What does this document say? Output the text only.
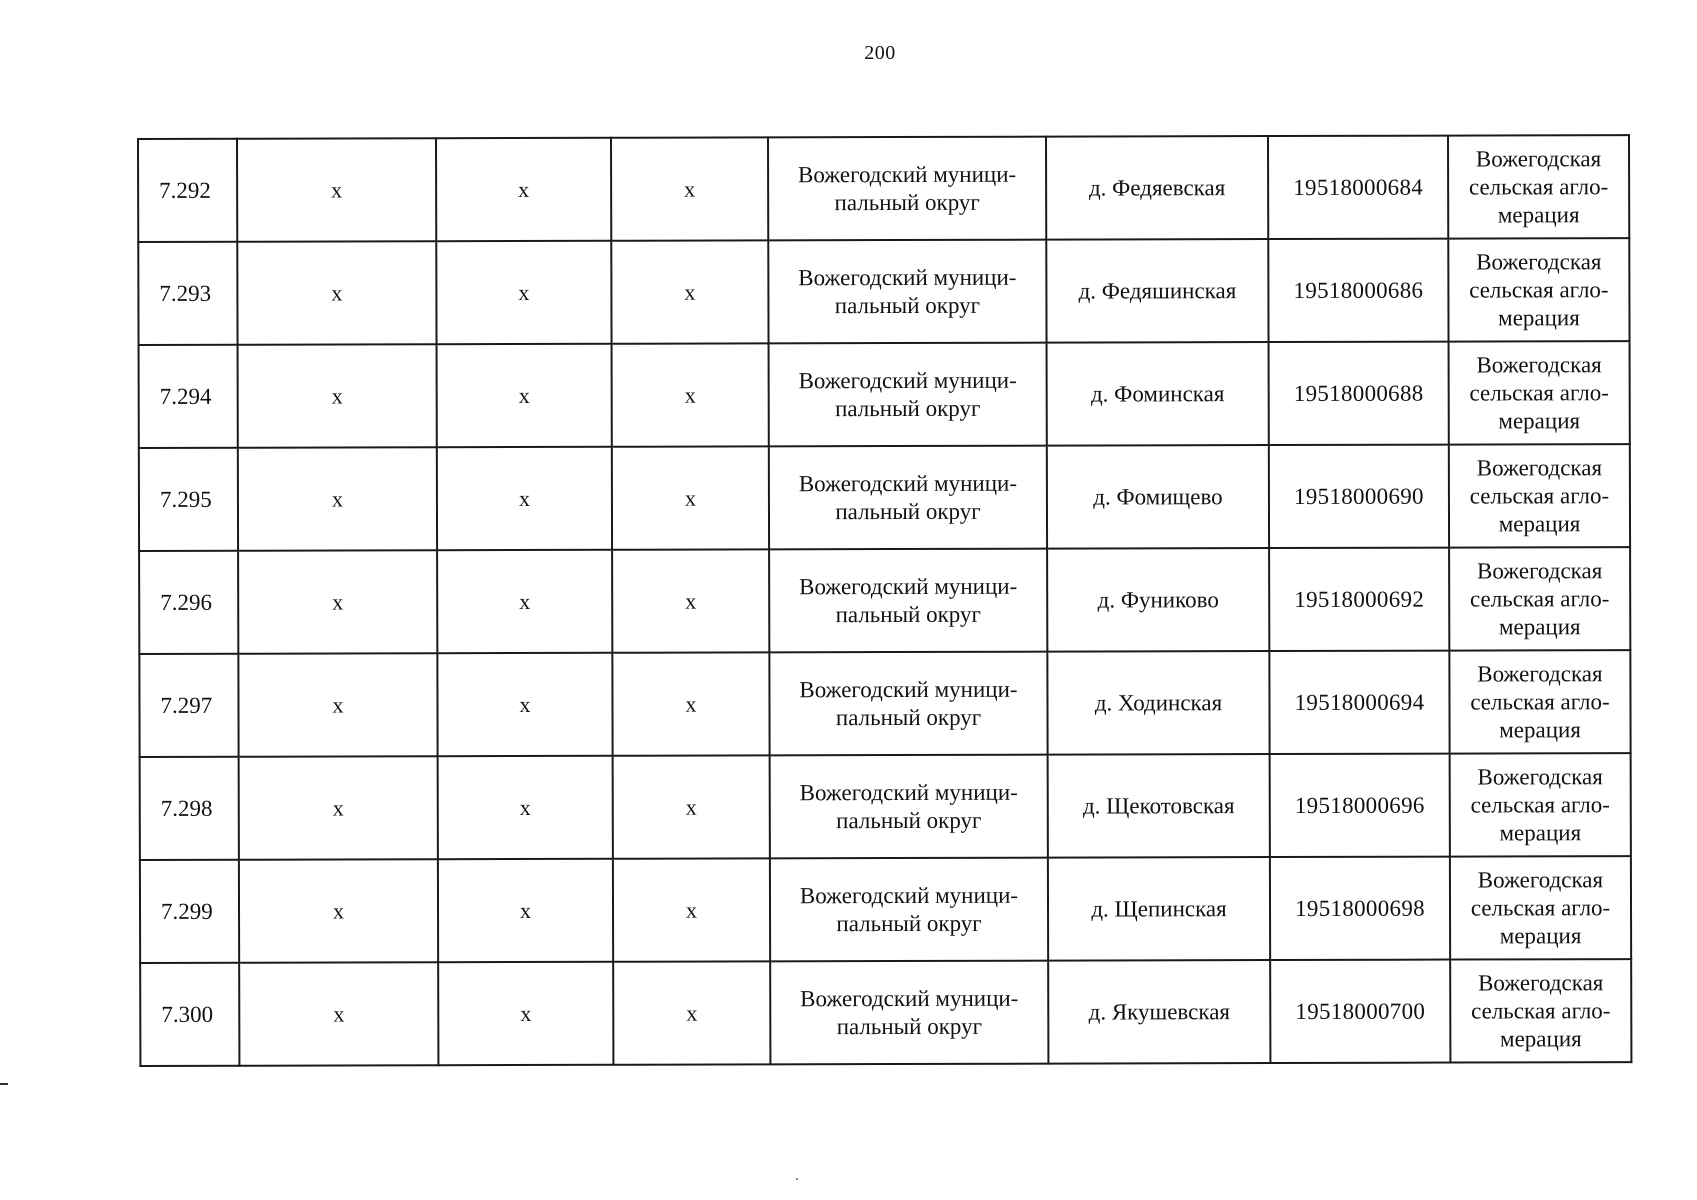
200
7.292	х	х	х	Вожегодский муници-пальный округ	д. Федяевская	19518000684	Вожегодская сельская агло-мерация
7.293	х	х	х	Вожегодский муници-пальный округ	д. Федяшинская	19518000686	Вожегодская сельская агло-мерация
7.294	х	х	х	Вожегодский муници-пальный округ	д. Фоминская	19518000688	Вожегодская сельская агло-мерация
7.295	х	х	х	Вожегодский муници-пальный округ	д. Фомищево	19518000690	Вожегодская сельская агло-мерация
7.296	х	х	х	Вожегодский муници-пальный округ	д. Фуниково	19518000692	Вожегодская сельская агло-мерация
7.297	х	х	х	Вожегодский муници-пальный округ	д. Ходинская	19518000694	Вожегодская сельская агло-мерация
7.298	х	х	х	Вожегодский муници-пальный округ	д. Щекотовская	19518000696	Вожегодская сельская агло-мерация
7.299	х	х	х	Вожегодский муници-пальный округ	д. Щепинская	19518000698	Вожегодская сельская агло-мерация
7.300	х	х	х	Вожегодский муници-пальный округ	д. Якушевская	19518000700	Вожегодская сельская агло-мерация
